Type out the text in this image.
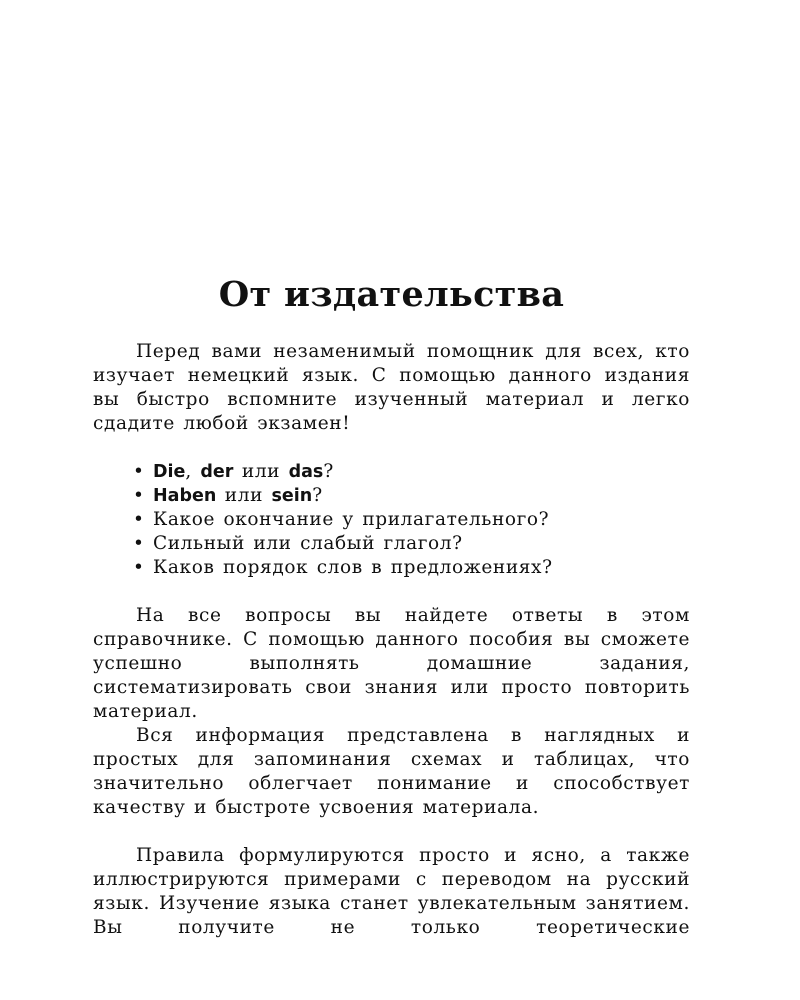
От издательства

Перед вами незаменимый помощник для всех, кто изучает немецкий язык. С помощью данного издания вы быстро вспомните изученный материал и легко сдадите любой экзамен!

• Die, der или das?
• Haben или sein?
• Какое окончание у прилагательного?
• Сильный или слабый глагол?
• Каков порядок слов в предложениях?

На все вопросы вы найдете ответы в этом справочнике. С помощью данного пособия вы сможете успешно выполнять домашние задания, систематизировать свои знания или просто повторить материал.

Вся информация представлена в наглядных и простых для запоминания схемах и таблицах, что значительно облегчает понимание и способствует качеству и быстроте усвоения материала.

Правила формулируются просто и ясно, а также иллюстрируются примерами с переводом на русский язык. Изучение языка станет увлекательным занятием. Вы получите не только теоретические
